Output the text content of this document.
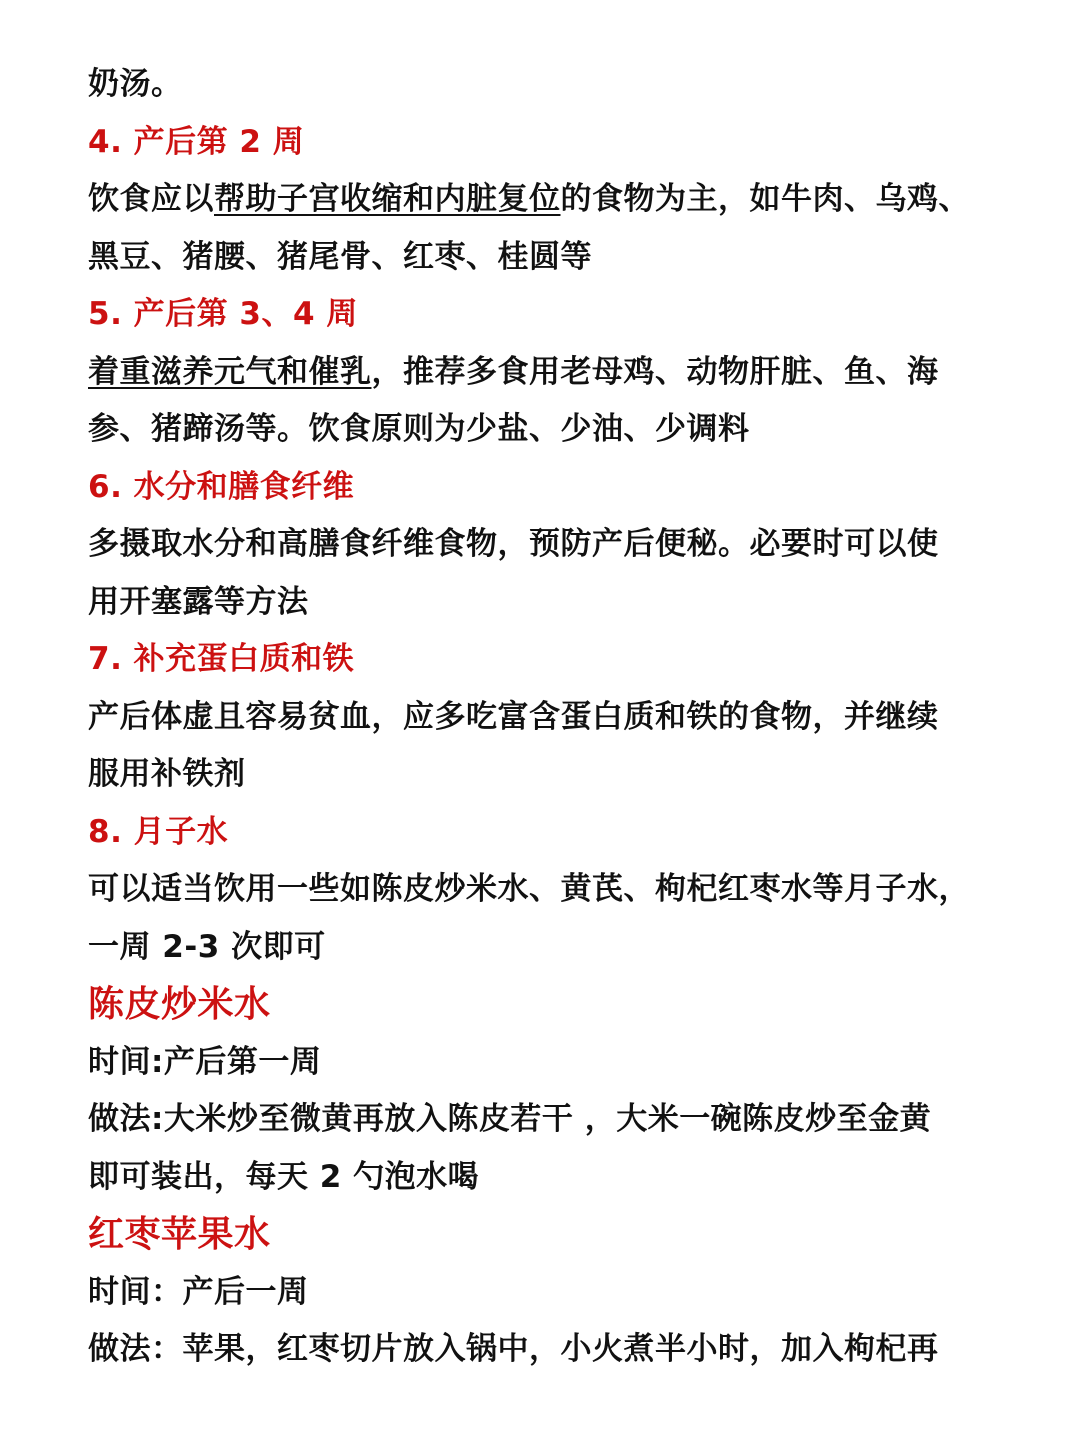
奶汤。
4. 产后第 2 周
饮食应以帮助子宫收缩和内脏复位的食物为主，如牛肉、乌鸡、
黑豆、猪腰、猪尾骨、红枣、桂圆等
5. 产后第 3、4 周
着重滋养元气和催乳，推荐多食用老母鸡、动物肝脏、鱼、海
参、猪蹄汤等。饮食原则为少盐、少油、少调料
6. 水分和膳食纤维
多摄取水分和高膳食纤维食物，预防产后便秘。必要时可以使
用开塞露等方法
7. 补充蛋白质和铁
产后体虚且容易贫血，应多吃富含蛋白质和铁的食物，并继续
服用补铁剂
8. 月子水
可以适当饮用一些如陈皮炒米水、黄芪、枸杞红枣水等月子水，
一周 2-3 次即可
陈皮炒米水
时间:产后第一周
做法:大米炒至微黄再放入陈皮若干 ，大米一碗陈皮炒至金黄
即可装出，每天 2 勺泡水喝
红枣苹果水
时间：产后一周
做法：苹果，红枣切片放入锅中，小火煮半小时，加入枸杞再
